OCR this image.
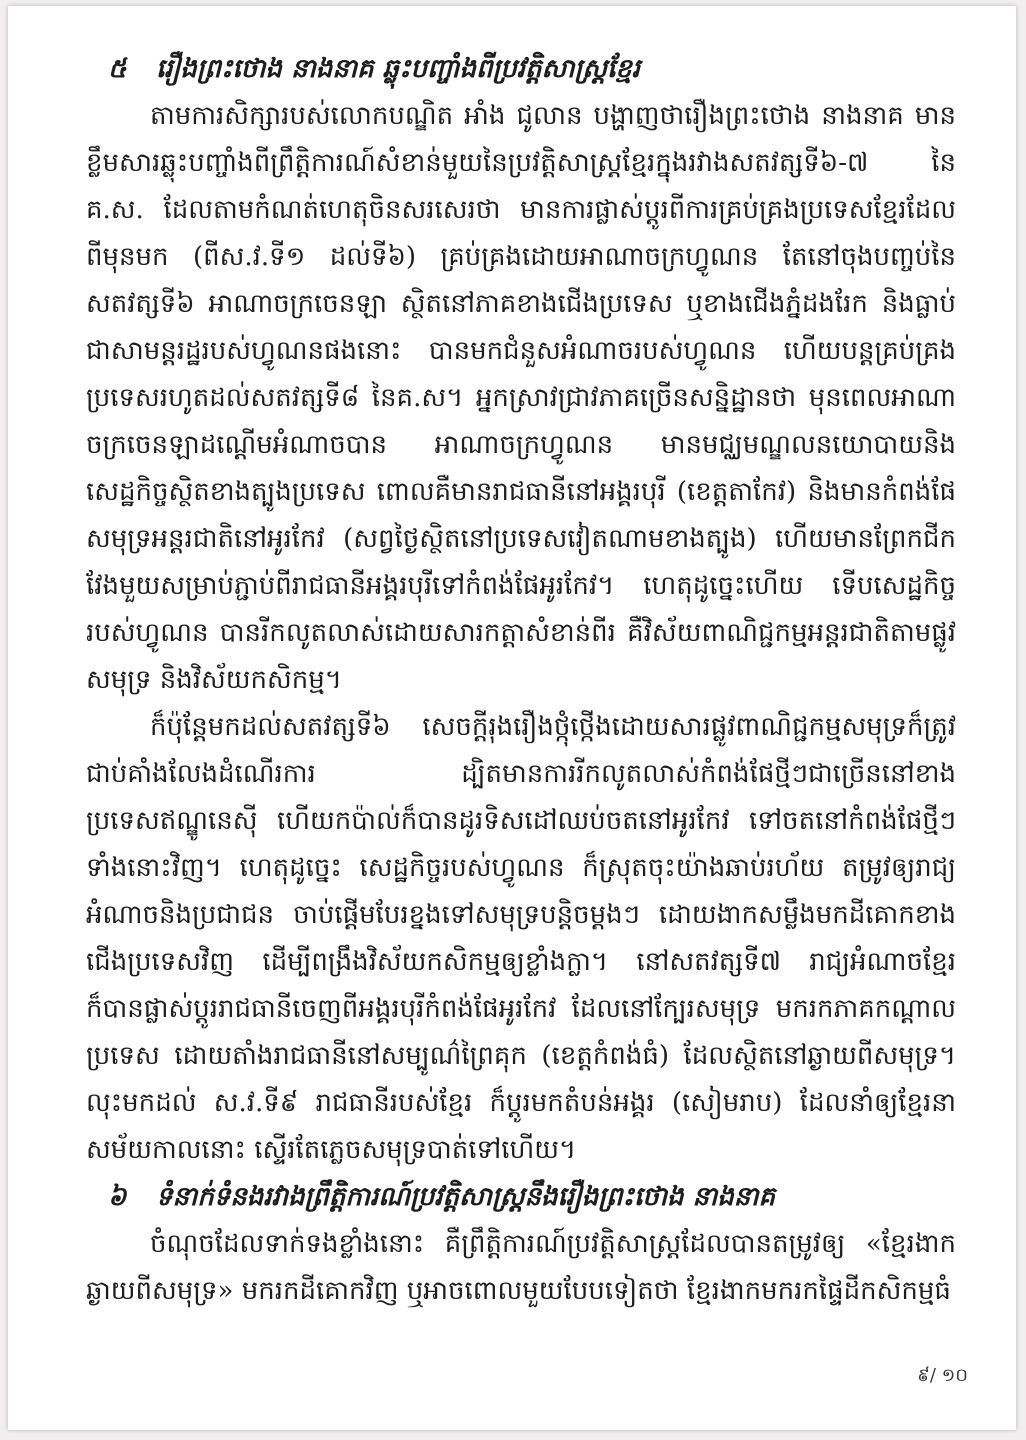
៥ រឿងព្រះថោង នាងនាគ ឆ្លុះបញ្ចាំងពីប្រវត្តិសាស្ត្រខ្មែរ

តាមការសិក្សារបស់លោកបណ្ឌិត អាំង ជូលាន បង្ហាញថារឿងព្រះថោង នាងនាគ មានខ្លឹមសារឆ្លុះបញ្ចាំងពីព្រឹត្តិការណ៍សំខាន់មួយនៃប្រវត្តិសាស្ត្រខ្មែរក្នុងរវាងសតវត្សទី៦-៧ នៃ គ.ស. ដែលតាមកំណត់ហេតុចិនសរសេរថា មានការផ្លាស់ប្តូរពីការគ្រប់គ្រងប្រទេសខ្មែរដែលពីមុនមក (ពីស.វ.ទី១ ដល់ទី៦) គ្រប់គ្រងដោយអាណាចក្រហ្វូណន តែនៅចុងបញ្ចប់នៃសតវត្សទី៦ អាណាចក្រចេនឡា ស្ថិតនៅភាគខាងជើងប្រទេស ឬខាងជើងភ្នំដងរែក និងធ្លាប់ជាសាមន្តរដ្ឋរបស់ហ្វូណនផងនោះ បានមកជំនួសអំណាចរបស់ហ្វូណន ហើយបន្តគ្រប់គ្រងប្រទេសរហូតដល់សតវត្សទី៨ នៃគ.ស។ អ្នកស្រាវជ្រាវភាគច្រើនសន្និដ្ឋានថា មុនពេលអាណាចក្រចេនឡាដណ្តើមអំណាចបាន អាណាចក្រហ្វូណន មានមជ្ឈមណ្ឌលនយោបាយនិងសេដ្ឋកិច្ចស្ថិតខាងត្បូងប្រទេស ពោលគឺមានរាជធានីនៅអង្គរបុរី (ខេត្តតាកែវ) និងមានកំពង់ផែ សមុទ្រអន្តរជាតិនៅអូរកែវ (សព្វថ្ងៃស្ថិតនៅប្រទេសវៀតណាមខាងត្បូង) ហើយមានព្រែកជីកវែងមួយសម្រាប់ភ្ជាប់ពីរាជធានីអង្គរបុរីទៅកំពង់ផែអូរកែវ។ ហេតុដូច្នេះហើយ ទើបសេដ្ឋកិច្ចរបស់ហ្វូណន បានរីកលូតលាស់ដោយសារកត្តាសំខាន់ពីរ គឺវិស័យពាណិជ្ជកម្មអន្តរជាតិតាមផ្លូវសមុទ្រ និងវិស័យកសិកម្ម។

ក៏ប៉ុន្តែមកដល់សតវត្សទី៦ សេចក្តីរុងរឿងថ្កុំថ្កើងដោយសារផ្លូវពាណិជ្ជកម្មសមុទ្រក៏ត្រូវជាប់គាំងលែងដំណើរការ ដ្បិតមានការរីកលូតលាស់កំពង់ផែថ្មីៗជាច្រើននៅខាងប្រទេសឥណ្ឌូនេស៊ី ហើយកប៉ាល់ក៏បានដូរទិសដៅឈប់ចតនៅអូរកែវ ទៅចតនៅកំពង់ផែថ្មីៗទាំងនោះវិញ។ ហេតុដូច្នេះ សេដ្ឋកិច្ចរបស់ហ្វូណន ក៏ស្រុតចុះយ៉ាងឆាប់រហ័យ តម្រូវឲ្យរាជ្យអំណាចនិងប្រជាជន ចាប់ផ្តើមបែរខ្នងទៅសមុទ្របន្តិចម្តងៗ ដោយងាកសម្លឹងមកដីគោកខាងជើងប្រទេសវិញ ដើម្បីពង្រឹងវិស័យកសិកម្មឲ្យខ្លាំងក្លា។ នៅសតវត្សទី៧ រាជ្យអំណាចខ្មែរ ក៏បានផ្លាស់ប្តូររាជធានីចេញពីអង្គរបុរីកំពង់ផែអូរកែវ ដែលនៅក្បែរសមុទ្រ មករកភាគកណ្តាលប្រទេស ដោយតាំងរាជធានីនៅសម្បូណ៌ព្រៃគុក (ខេត្តកំពង់ធំ) ដែលស្ថិតនៅឆ្ងាយពីសមុទ្រ។ លុះមកដល់ ស.វ.ទី៩ រាជធានីរបស់ខ្មែរ ក៏ប្តូរមកតំបន់អង្គរ (សៀមរាប) ដែលនាំឲ្យខ្មែរនាសម័យកាលនោះ ស្ទើរតែភ្លេចសមុទ្របាត់ទៅហើយ។

៦ ទំនាក់ទំនងរវាងព្រឹត្តិការណ៍ប្រវត្តិសាស្ត្រនឹងរឿងព្រះថោង នាងនាគ

ចំណុចដែលទាក់ទងខ្លាំងនោះ គឺព្រឹត្តិការណ៍ប្រវត្តិសាស្ត្រដែលបានតម្រូវឲ្យ «ខ្មែរងាកឆ្ងាយពីសមុទ្រ» មករកដីគោកវិញ ឬអាចពោលមួយបែបទៀតថា ខ្មែរងាកមករកផ្ទៃដីកសិកម្មធំ

៩/ ១០
